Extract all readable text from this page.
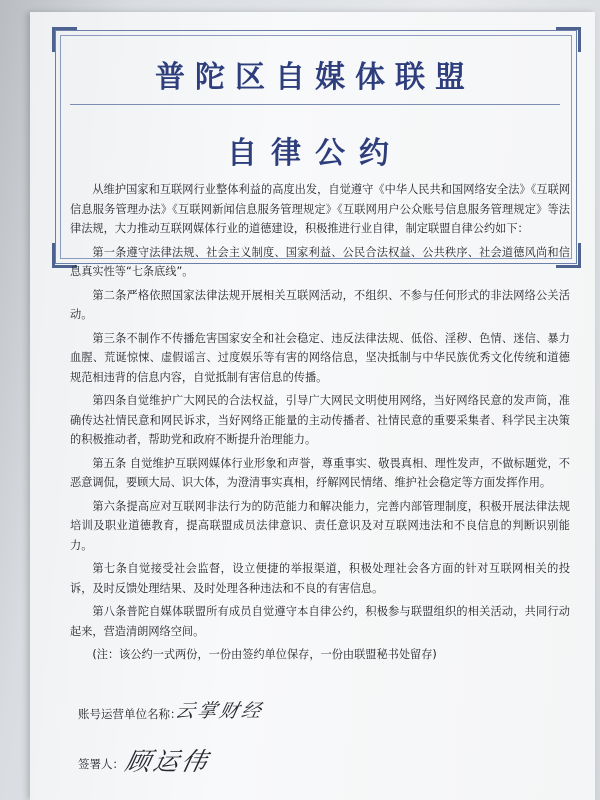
普陀区自媒体联盟
自律公约

从维护国家和互联网行业整体利益的高度出发，自觉遵守《中华人民共和国网络安全法》《互联网信息服务管理办法》《互联网新闻信息服务管理规定》《互联网用户公众账号信息服务管理规定》等法律法规，大力推动互联网媒体行业的道德建设，积极推进行业自律，制定联盟自律公约如下：

第一条遵守法律法规、社会主义制度、国家利益、公民合法权益、公共秩序、社会道德风尚和信息真实性等“七条底线”。

第二条严格依照国家法律法规开展相关互联网活动，不组织、不参与任何形式的非法网络公关活动。

第三条不制作不传播危害国家安全和社会稳定、违反法律法规、低俗、淫秽、色情、迷信、暴力血腥、荒诞惊悚、虚假谣言、过度娱乐等有害的网络信息，坚决抵制与中华民族优秀文化传统和道德规范相违背的信息内容，自觉抵制有害信息的传播。

第四条自觉维护广大网民的合法权益，引导广大网民文明使用网络，当好网络民意的发声筒，准确传达社情民意和网民诉求，当好网络正能量的主动传播者、社情民意的重要采集者、科学民主决策的积极推动者，帮助党和政府不断提升治理能力。

第五条 自觉维护互联网媒体行业形象和声誉，尊重事实、敬畏真相、理性发声，不做标题党，不恶意调侃，要顾大局、识大体，为澄清事实真相，纾解网民情绪、维护社会稳定等方面发挥作用。

第六条提高应对互联网非法行为的防范能力和解决能力，完善内部管理制度，积极开展法律法规培训及职业道德教育，提高联盟成员法律意识、责任意识及对互联网违法和不良信息的判断识别能力。

第七条自觉接受社会监督，设立便捷的举报渠道，积极处理社会各方面的针对互联网相关的投诉，及时反馈处理结果、及时处理各种违法和不良的有害信息。

第八条普陀自媒体联盟所有成员自觉遵守本自律公约，积极参与联盟组织的相关活动，共同行动起来，营造清朗网络空间。

(注：该公约一式两份，一份由签约单位保存，一份由联盟秘书处留存)

账号运营单位名称：
云掌财经
签署人：
顾运伟
